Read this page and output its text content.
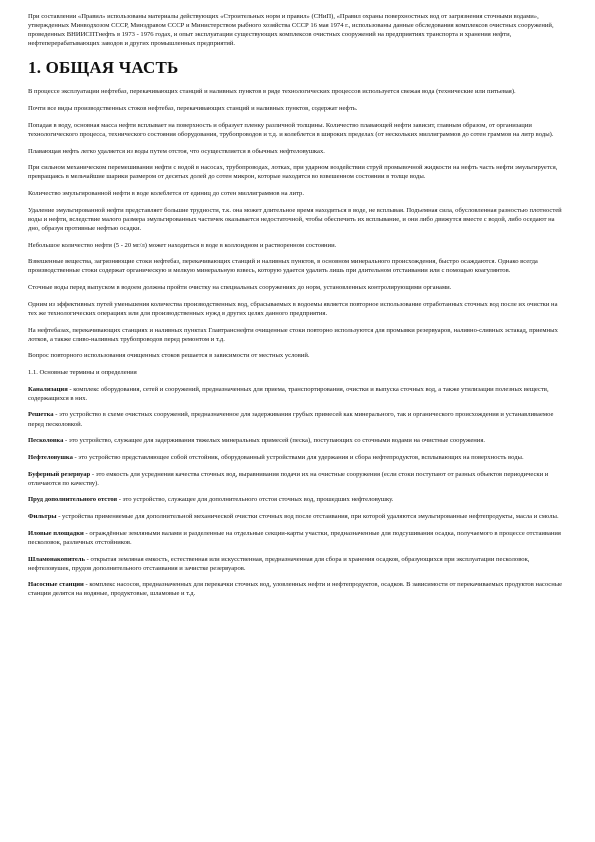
При составлении «Правил» использованы материалы действующих «Строительных норм и правил» (СНиП), «Правил охраны поверхностных вод от загрязнения сточными водами», утвержденных Минводхозом СССР, Минздравом СССР и Министерством рыбного хозяйства СССР 16 мая 1974 г., использованы данные обследования комплексов очистных сооружений, проведенных ВНИИСПТнефть в 1973 - 1976 годах, и опыт эксплуатации существующих комплексов очистных сооружений на предприятиях транспорта и хранения нефти, нефтеперерабатывающих заводов и других промышленных предприятий.

1. ОБЩАЯ ЧАСТЬ

В процессе эксплуатации нефтебаз, перекачивающих станций и наливных пунктов в ряде технологических процессов используется свежая вода (технические или питьевая).

Почти все виды производственных стоков нефтебаз, перекачивающих станций и наливных пунктов, содержат нефть.

Попадая в воду, основная масса нефти всплывает на поверхность и образует пленку различной толщины. Количество плавающей нефти зависит, главным образом, от организации технологического процесса, технического состояния оборудования, трубопроводов и т.д. и колеблется в широких пределах (от нескольких миллиграммов до сотен граммов на литр воды).

Плавающая нефть легко удаляется из воды путем отстоя, что осуществляется в обычных нефтеловушках.

При сильном механическом перемешивании нефти с водой в насосах, трубопроводах, лотках, при ударном воздействии струй промывочной жидкости на нефть часть нефти эмульгируется, превращаясь в мельчайшие шарики размером от десятых долей до сотен микрон, которые находятся во взвешенном состоянии в толще воды.

Количество эмульгированной нефти в воде колеблется от единиц до сотен миллиграммов на литр.

Удаление эмульгированной нефти представляет большие трудности, т.к. она может длительное время находиться в воде, не всплывая. Подъемная сила, обусловленная разностью плотностей воды и нефти, вследствие малого размера эмульгированных частичек оказывается недостаточной, чтобы обеспечить их всплывание, и они либо движутся вместе с водой, либо оседают на дно, образуя противные нефтью осадки.

Небольшое количество нефти (5 - 20 мг/л) может находиться в воде в коллоидном и растворенном состоянии.

Взвешенные вещества, загрязняющие стоки нефтебаз, перекачивающих станций и наливных пунктов, в основном минерального происхождения, быстро осаждаются. Однако всегда производственные стоки содержат органическую и мелкую минеральную взвесь, которую удается удалить лишь при длительном отстаивании или с помощью коагулянтов.

Сточные воды перед выпуском в водоем должны пройти очистку на специальных сооружениях до норм, установленных контролирующими органами.

Одним из эффективных путей уменьшения количества производственных вод, сбрасываемых в водоемы является повторное использование отработанных сточных вод после их очистки на тех же технологических операциях или для производственных нужд в других целях данного предприятия.

На нефтебазах, перекачивающих станциях и наливных пунктах Главтранснефти очищенные стоки повторно используются для промывки резервуаров, наливно-сливных эстакад, приемных лотков, а также сливо-наливных трубопроводов перед ремонтом и т.д.

Вопрос повторного использования очищенных стоков решается в зависимости от местных условий.

1.1. Основные термины и определения

Канализация - комплекс оборудования, сетей и сооружений, предназначенных для приема, транспортирования, очистки и выпуска сточных вод, а также утилизации полезных веществ, содержащихся в них.

Решетка - это устройство в схеме очистных сооружений, предназначенное для задерживания грубых примесей как минерального, так и органического происхождения и устанавливаемое перед песколовкой.

Песколовка - это устройство, служащее для задерживания тяжелых минеральных примесей (песка), поступающих со сточными водами на очистные сооружения.

Нефтеловушка - это устройство представляющее собой отстойник, оборудованный устройствами для удержания и сбора нефтепродуктов, всплывающих на поверхность воды.

Буферный резервуар - это емкость для усреднения качества сточных вод, выравнивания подачи их на очистные сооружения (если стоки поступают от разных объектов периодически и отличаются по качеству).

Пруд дополнительного отстоя - это устройство, служащее для дополнительного отстоя сточных вод, прошедших нефтеловушку.

Фильтры - устройства применяемые для дополнительной механической очистки сточных вод после отстаивания, при которой удаляются эмульгированные нефтепродукты, масла и смолы.

Иловые площадки - ограждённые земляными валами и разделенные на отдельные секции-карты участки, предназначенные для подсушивания осадка, получаемого в процессе отстаивания песколовок, различных отстойников.

Шламонакопитель - открытая земляная емкость, естественная или искусственная, предназначенная для сбора и хранения осадков, образующихся при эксплуатации песколовок, нефтеловушек, прудов дополнительного отстаивания и зачистке резервуаров.

Насосные станции - комплекс насосов, предназначенных для перекачки сточных вод, уловленных нефти и нефтепродуктов, осадков. В зависимости от перекачиваемых продуктов насосные станции делятся на водяные, продуктовые, шламовые и т.д.
